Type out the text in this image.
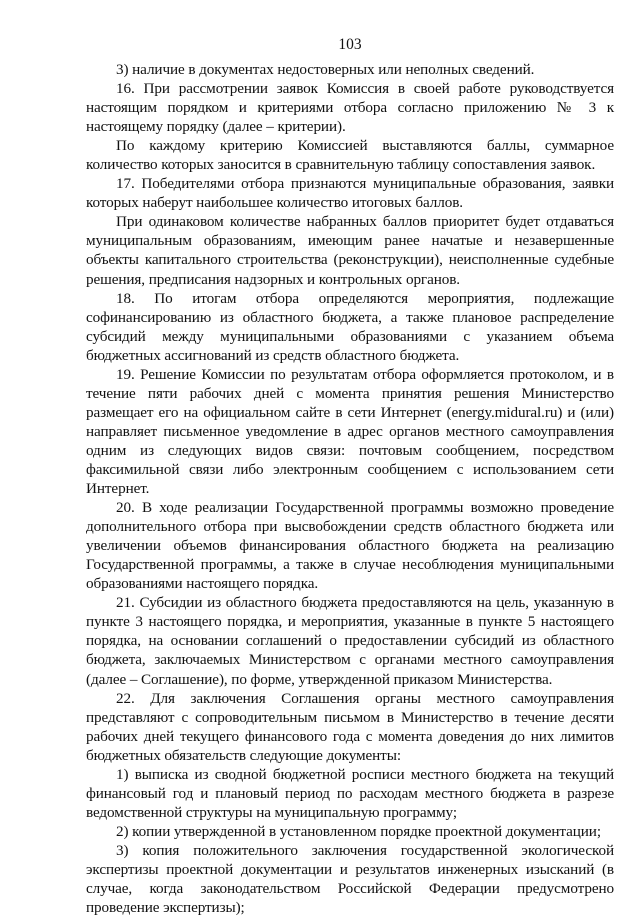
103

3) наличие в документах недостоверных или неполных сведений.

16. При рассмотрении заявок Комиссия в своей работе руководствуется настоящим порядком и критериями отбора согласно приложению № 3 к настоящему порядку (далее – критерии).

По каждому критерию Комиссией выставляются баллы, суммарное количество которых заносится в сравнительную таблицу сопоставления заявок.

17. Победителями отбора признаются муниципальные образования, заявки которых наберут наибольшее количество итоговых баллов.

При одинаковом количестве набранных баллов приоритет будет отдаваться муниципальным образованиям, имеющим ранее начатые и незавершенные объекты капитального строительства (реконструкции), неисполненные судебные решения, предписания надзорных и контрольных органов.

18. По итогам отбора определяются мероприятия, подлежащие софинансированию из областного бюджета, а также плановое распределение субсидий между муниципальными образованиями с указанием объема бюджетных ассигнований из средств областного бюджета.

19. Решение Комиссии по результатам отбора оформляется протоколом, и в течение пяти рабочих дней с момента принятия решения Министерство размещает его на официальном сайте в сети Интернет (energy.midural.ru) и (или) направляет письменное уведомление в адрес органов местного самоуправления одним из следующих видов связи: почтовым сообщением, посредством факсимильной связи либо электронным сообщением с использованием сети Интернет.

20. В ходе реализации Государственной программы возможно проведение дополнительного отбора при высвобождении средств областного бюджета или увеличении объемов финансирования областного бюджета на реализацию Государственной программы, а также в случае несоблюдения муниципальными образованиями настоящего порядка.

21. Субсидии из областного бюджета предоставляются на цель, указанную в пункте 3 настоящего порядка, и мероприятия, указанные в пункте 5 настоящего порядка, на основании соглашений о предоставлении субсидий из областного бюджета, заключаемых Министерством с органами местного самоуправления (далее – Соглашение), по форме, утвержденной приказом Министерства.

22. Для заключения Соглашения органы местного самоуправления представляют с сопроводительным письмом в Министерство в течение десяти рабочих дней текущего финансового года с момента доведения до них лимитов бюджетных обязательств следующие документы:

1) выписка из сводной бюджетной росписи местного бюджета на текущий финансовый год и плановый период по расходам местного бюджета в разрезе ведомственной структуры на муниципальную программу;

2) копии утвержденной в установленном порядке проектной документации;

3) копия положительного заключения государственной экологической экспертизы проектной документации и результатов инженерных изысканий (в случае, когда законодательством Российской Федерации предусмотрено проведение экспертизы);
